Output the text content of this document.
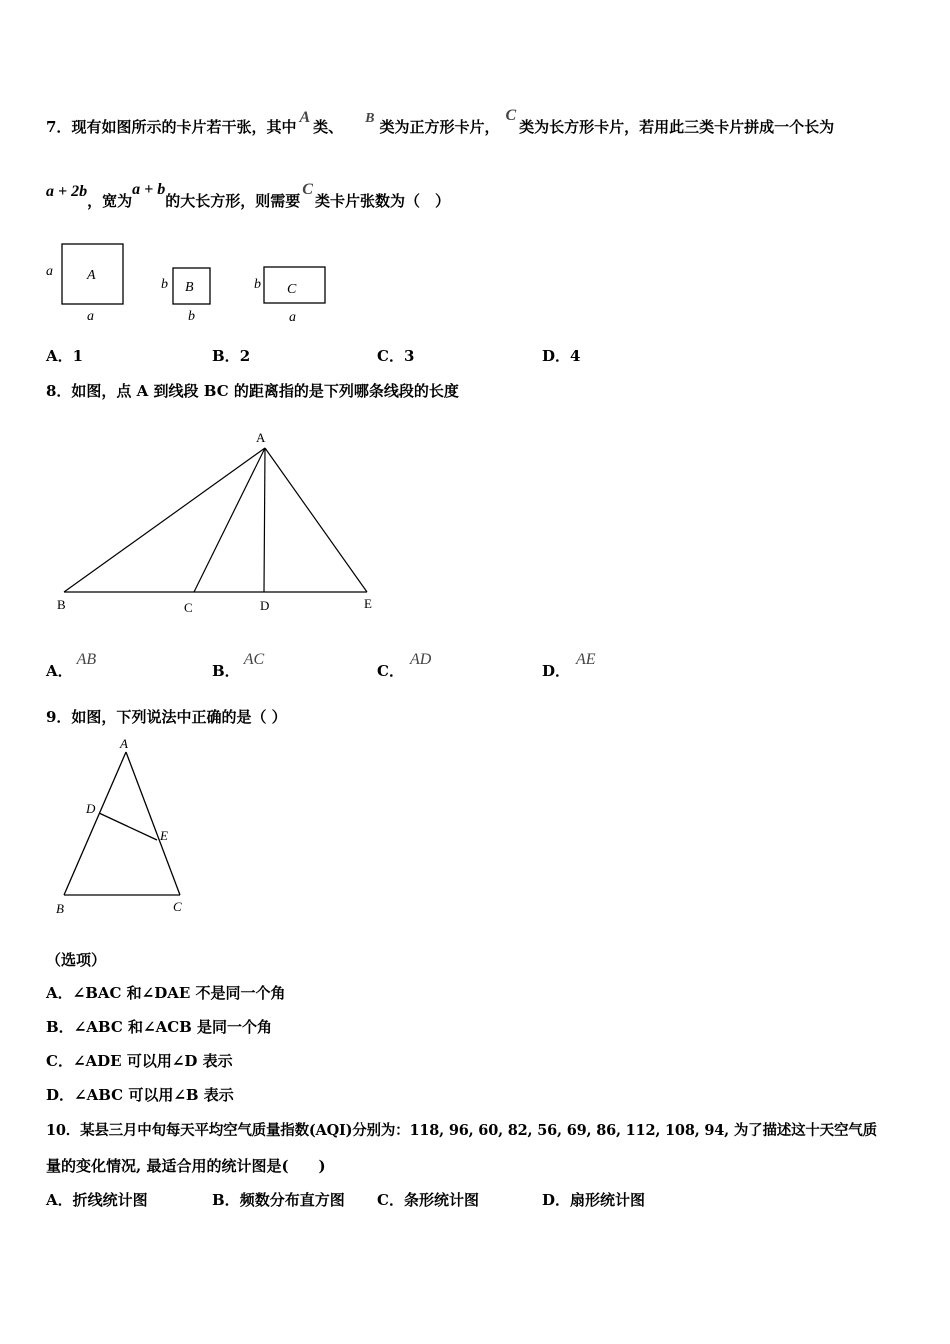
7．现有如图所示的卡片若干张，其中A类、 B 类为正方形卡片，C类为长方形卡片，若用此三类卡片拼成一个长为
a + 2b，宽为a + b的大长方形，则需要C类卡片张数为（　）
A
a
a
B
b
b
C
b
a
A．1	B．2	C．3	D．4
8．如图，点 A 到线段 BC 的距离指的是下列哪条线段的长度
A
B	C	D	E
A．AB
B．AC
C．AD
D．AE
9．如图，下列说法中正确的是（ ）
A
B	C
D
E
（选项）
A．∠BAC 和∠DAE 不是同一个角
B．∠ABC 和∠ACB 是同一个角
C．∠ADE 可以用∠D 表示
D．∠ABC 可以用∠B 表示
10．某县三月中旬每天平均空气质量指数(AQI)分别为：118, 96, 60, 82, 56, 69, 86, 112, 108, 94, 为了描述这十天空气质
量的变化情况, 最适合用的统计图是(　　)
A．折线统计图	B．频数分布直方图 C．条形统计图	D．扇形统计图
